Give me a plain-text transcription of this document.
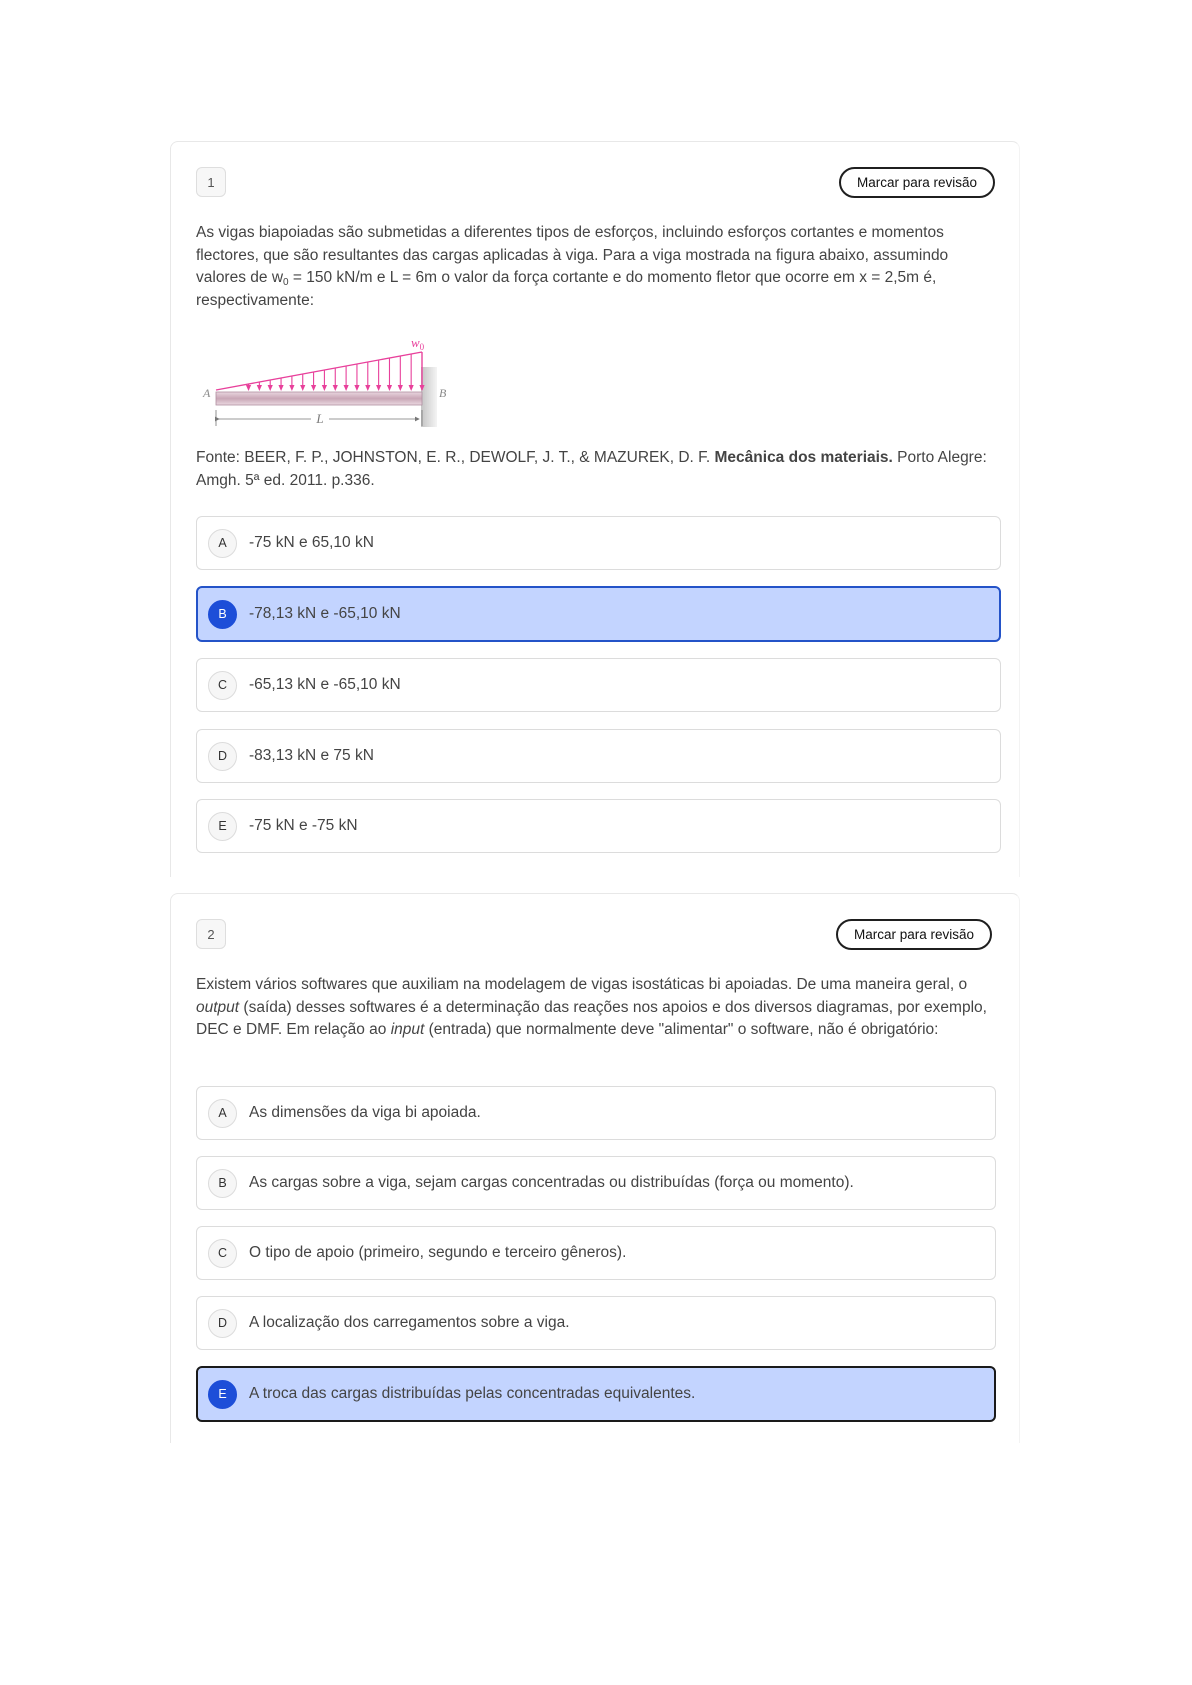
1	Marcar para revisão

As vigas biapoiadas são submetidas a diferentes tipos de esforços, incluindo esforços cortantes e momentos flectores, que são resultantes das cargas aplicadas à viga. Para a viga mostrada na figura abaixo, assumindo valores de $w_0 = 150$ kN/m e L = 6m o valor da força cortante e do momento fletor que ocorre em x = 2,5m é, respectivamente:

L
A	B
$w_0$

Fonte: BEER, F. P., JOHNSTON, E. R., DEWOLF, J. T., & MAZUREK, D. F. Mecânica dos materiais. Porto Alegre: Amgh. 5ª ed. 2011. p.336.

A	-75 kN e 65,10 kN
B	-78,13 kN e -65,10 kN
C	-65,13 kN e -65,10 kN
D	-83,13 kN e 75 kN
E	-75 kN e -75 kN
2	Marcar para revisão

Existem vários softwares que auxiliam na modelagem de vigas isostáticas bi apoiadas. De uma maneira geral, o output (saída) desses softwares é a determinação das reações nos apoios e dos diversos diagramas, por exemplo, DEC e DMF. Em relação ao input (entrada) que normalmente deve "alimentar" o software, não é obrigatório:

A	As dimensões da viga bi apoiada.
B	As cargas sobre a viga, sejam cargas concentradas ou distribuídas (força ou momento).
C	O tipo de apoio (primeiro, segundo e terceiro gêneros).
D	A localização dos carregamentos sobre a viga.
E	A troca das cargas distribuídas pelas concentradas equivalentes.
